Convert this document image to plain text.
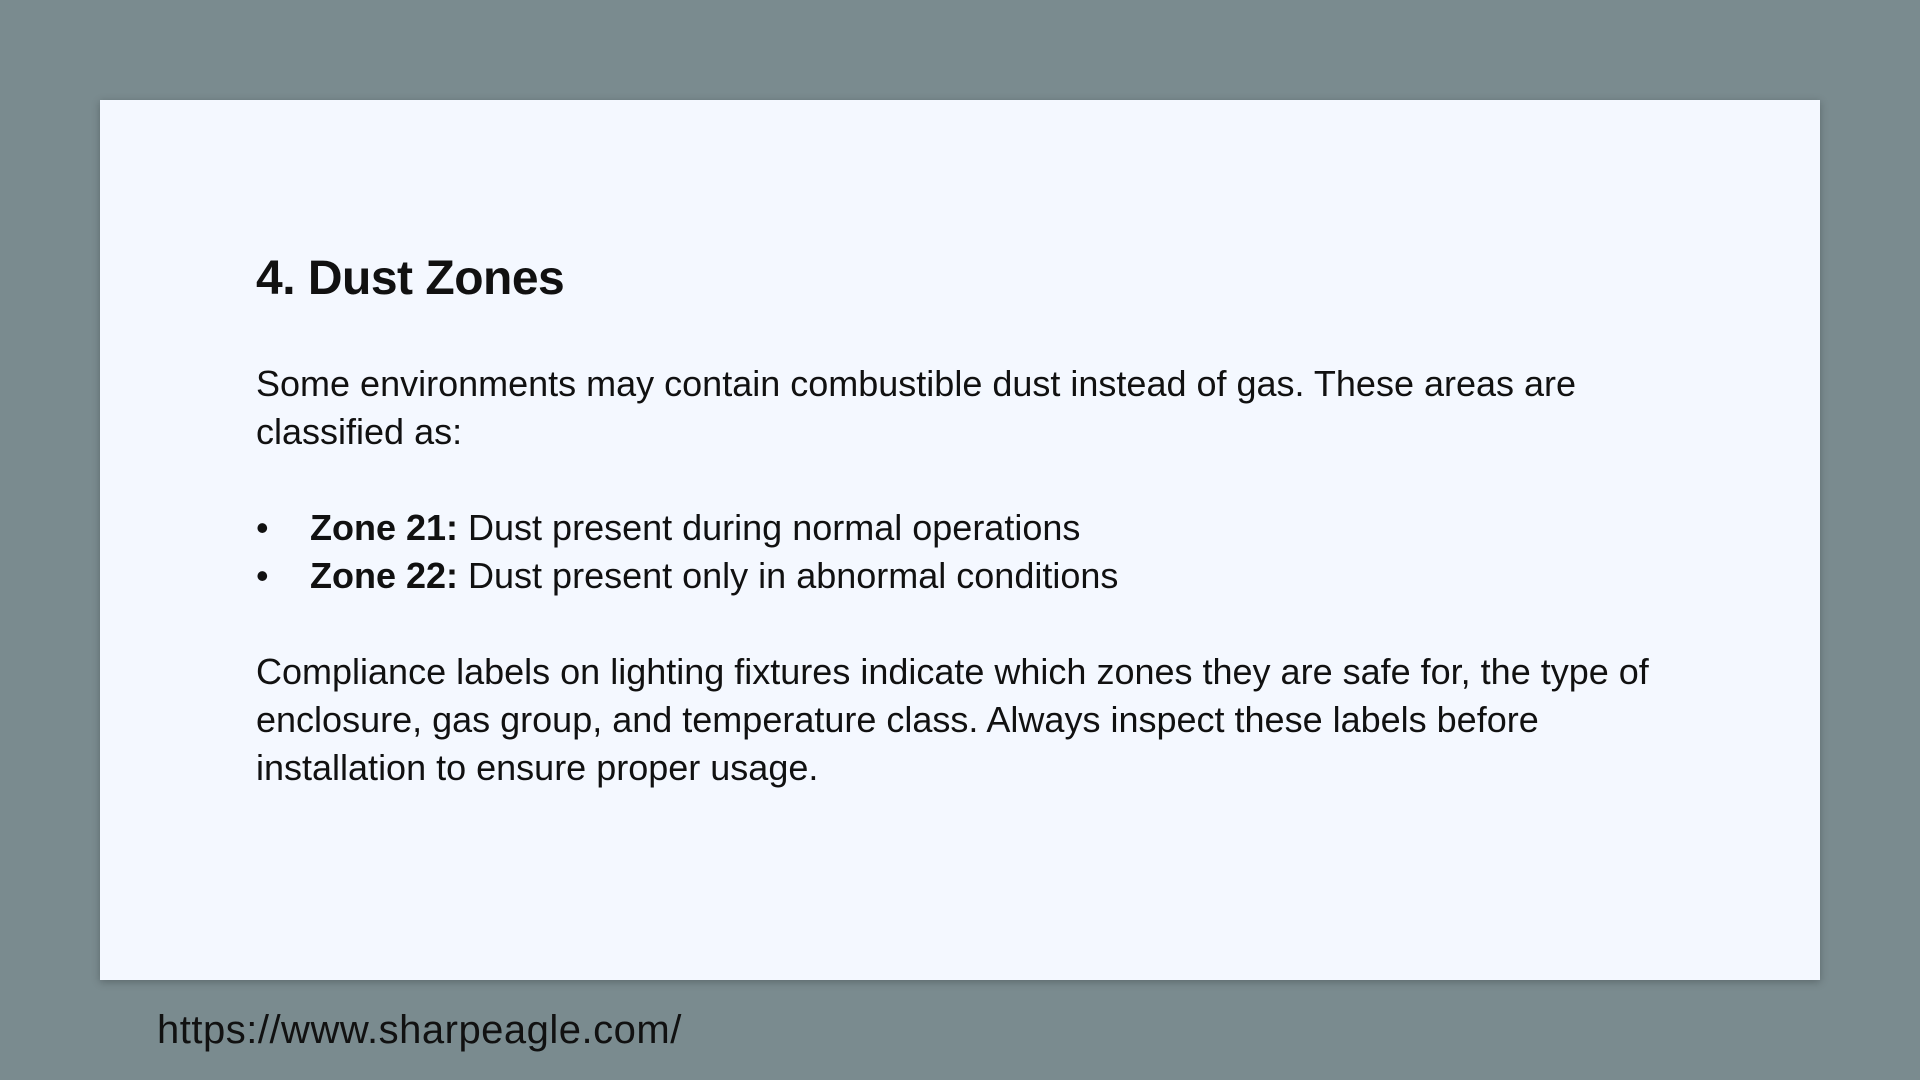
4. Dust Zones

Some environments may contain combustible dust instead of gas. These areas are classified as:

• Zone 21: Dust present during normal operations
• Zone 22: Dust present only in abnormal conditions

Compliance labels on lighting fixtures indicate which zones they are safe for, the type of enclosure, gas group, and temperature class. Always inspect these labels before installation to ensure proper usage.

https://www.sharpeagle.com/
